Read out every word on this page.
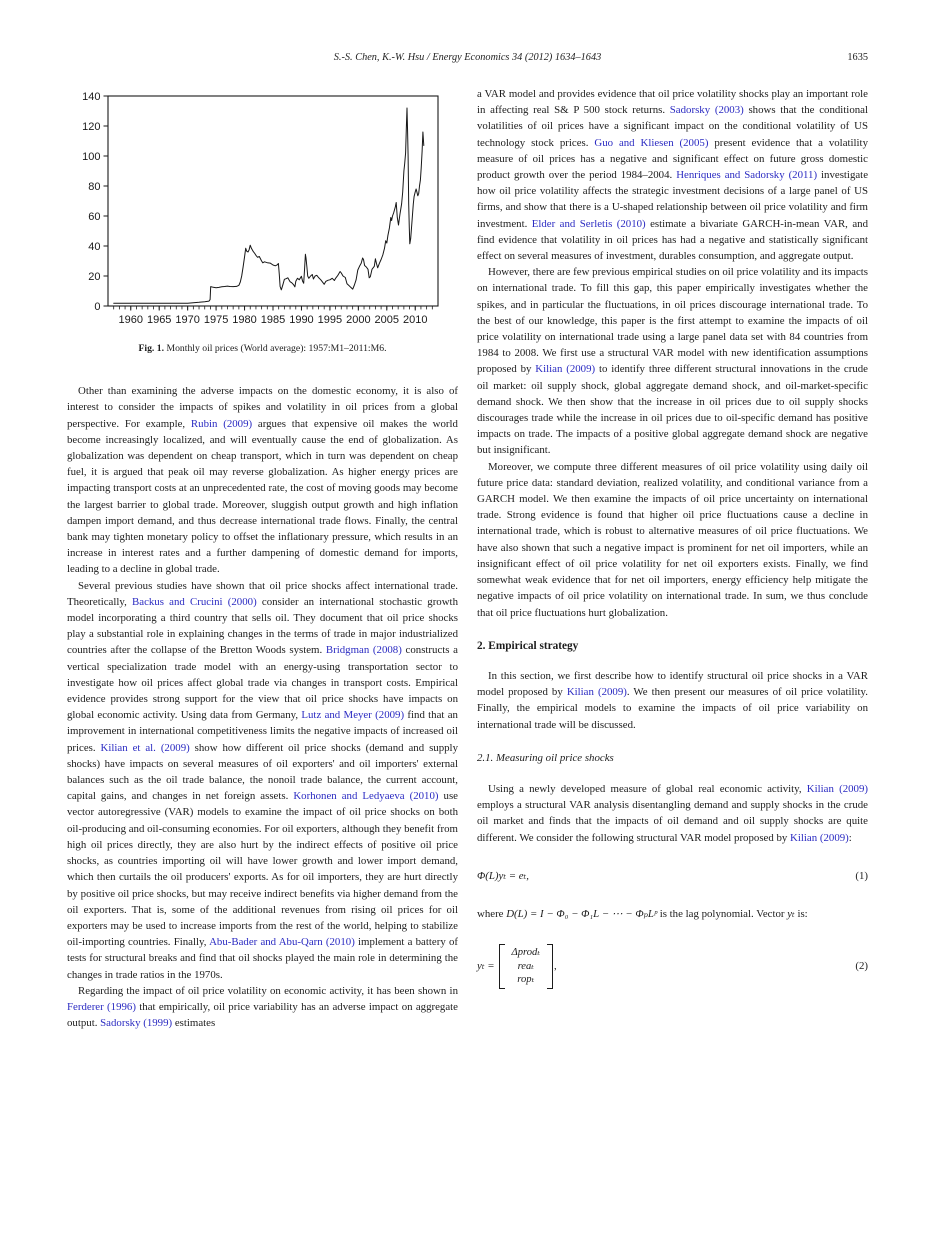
S.-S. Chen, K.-W. Hsu / Energy Economics 34 (2012) 1634–1643	1635
1960 1965 1970 1975 1980 1985 1990 1995 2000 2005 2010
0
20
40
60
80
100
120
140
Fig. 1. Monthly oil prices (World average): 1957:M1–2011:M6.

Other than examining the adverse impacts on the domestic economy, it is also of interest to consider the impacts of spikes and volatility in oil prices from a global perspective. For example, Rubin (2009) argues that expensive oil makes the world become increasingly localized, and will eventually cause the end of globalization. As globalization was dependent on cheap transport, which in turn was dependent on cheap fuel, it is argued that peak oil may reverse globalization. As higher energy prices are impacting transport costs at an unprecedented rate, the cost of moving goods may become the largest barrier to global trade. Moreover, sluggish output growth and high inflation dampen import demand, and thus decrease international trade flows. Finally, the central bank may tighten monetary policy to offset the inflationary pressure, which results in an increase in interest rates and a further dampening of domestic demand for imports, leading to a decline in global trade.

Several previous studies have shown that oil price shocks affect international trade. Theoretically, Backus and Crucini (2000) consider an international stochastic growth model incorporating a third country that sells oil. They document that oil price shocks play a substantial role in explaining changes in the terms of trade in major industrialized countries after the collapse of the Bretton Woods system. Bridgman (2008) constructs a vertical specialization trade model with an energy-using transportation sector to investigate how oil prices affect global trade via changes in transport costs. Empirical evidence provides strong support for the view that oil price shocks have impacts on global economic activity. Using data from Germany, Lutz and Meyer (2009) find that an improvement in international competitiveness limits the negative impacts of increased oil prices. Kilian et al. (2009) show how different oil price shocks (demand and supply shocks) have impacts on several measures of oil exporters' and oil importers' external balances such as the oil trade balance, the nonoil trade balance, the current account, capital gains, and changes in net foreign assets. Korhonen and Ledyaeva (2010) use vector autoregressive (VAR) models to examine the impact of oil price shocks on both oil-producing and oil-consuming economies. For oil exporters, although they benefit from high oil prices directly, they are also hurt by the indirect effects of positive oil price shocks, as countries importing oil will have lower growth and lower import demand, which then curtails the oil producers' exports. As for oil importers, they are hurt directly by positive oil price shocks, but may receive indirect benefits via higher demand from the oil exporters. That is, some of the additional revenues from rising oil prices for oil exporters may be used to increase imports from the rest of the world, helping to stabilize oil-importing countries. Finally, Abu-Bader and Abu-Qarn (2010) implement a battery of tests for structural breaks and find that oil shocks played the main role in determining the changes in trade ratios in the 1970s.

Regarding the impact of oil price volatility on economic activity, it has been shown in Ferderer (1996) that empirically, oil price variability has an adverse impact on aggregate output. Sadorsky (1999) estimates

a VAR model and provides evidence that oil price volatility shocks play an important role in affecting real S& P 500 stock returns. Sadorsky (2003) shows that the conditional volatilities of oil prices have a significant impact on the conditional volatility of US technology stock prices. Guo and Kliesen (2005) present evidence that a volatility measure of oil prices has a negative and significant effect on future gross domestic product growth over the period 1984–2004. Henriques and Sadorsky (2011) investigate how oil price volatility affects the strategic investment decisions of a large panel of US firms, and show that there is a U-shaped relationship between oil price volatility and firm investment. Elder and Serletis (2010) estimate a bivariate GARCH-in-mean VAR, and find evidence that volatility in oil prices has had a negative and statistically significant effect on several measures of investment, durables consumption, and aggregate output.

However, there are few previous empirical studies on oil price volatility and its impacts on international trade. To fill this gap, this paper empirically investigates whether the spikes, and in particular the fluctuations, in oil prices discourage international trade. To the best of our knowledge, this paper is the first attempt to examine the impacts of oil price volatility on international trade using a large panel data set with 84 countries from 1984 to 2008. We first use a structural VAR model with new identification assumptions proposed by Kilian (2009) to identify three different structural innovations in the crude oil market: oil supply shock, global aggregate demand shock, and oil-market-specific demand shock. We then show that the increase in oil prices due to oil supply shocks discourages trade while the increase in oil prices due to oil-specific demand has positive impacts on trade. The impacts of a positive global aggregate demand shock are negative but insignificant.

Moreover, we compute three different measures of oil price volatility using daily oil future price data: standard deviation, realized volatility, and conditional variance from a GARCH model. We then examine the impacts of oil price uncertainty on international trade. Strong evidence is found that higher oil price fluctuations cause a decline in international trade, which is robust to alternative measures of oil price fluctuations. We have also shown that such a negative impact is prominent for net oil importers, while an insignificant effect of oil price volatility for net oil exporters exists. Finally, we find somewhat weak evidence that for net oil importers, energy efficiency help mitigate the negative impacts of oil price volatility on international trade. In sum, we thus conclude that oil price fluctuations hurt globalization.

2. Empirical strategy

In this section, we first describe how to identify structural oil price shocks in a VAR model proposed by Kilian (2009). We then present our measures of oil price volatility. Finally, the empirical models to examine the impacts of oil price variability on international trade will be discussed.

2.1. Measuring oil price shocks

Using a newly developed measure of global real economic activity, Kilian (2009) employs a structural VAR analysis disentangling demand and supply shocks in the crude oil market and finds that the impacts of oil demand and oil supply shocks are quite different. We consider the following structural VAR model proposed by Kilian (2009):

Φ(L)yₜ = eₜ,	(1)

where D(L) = I − Φ₀ − Φ₁L − ⋯ − ΦₚLᵖ is the lag polynomial. Vector yₜ is:

yₜ =
Δprodₜ
reaₜ
ropₜ
,	(2)
